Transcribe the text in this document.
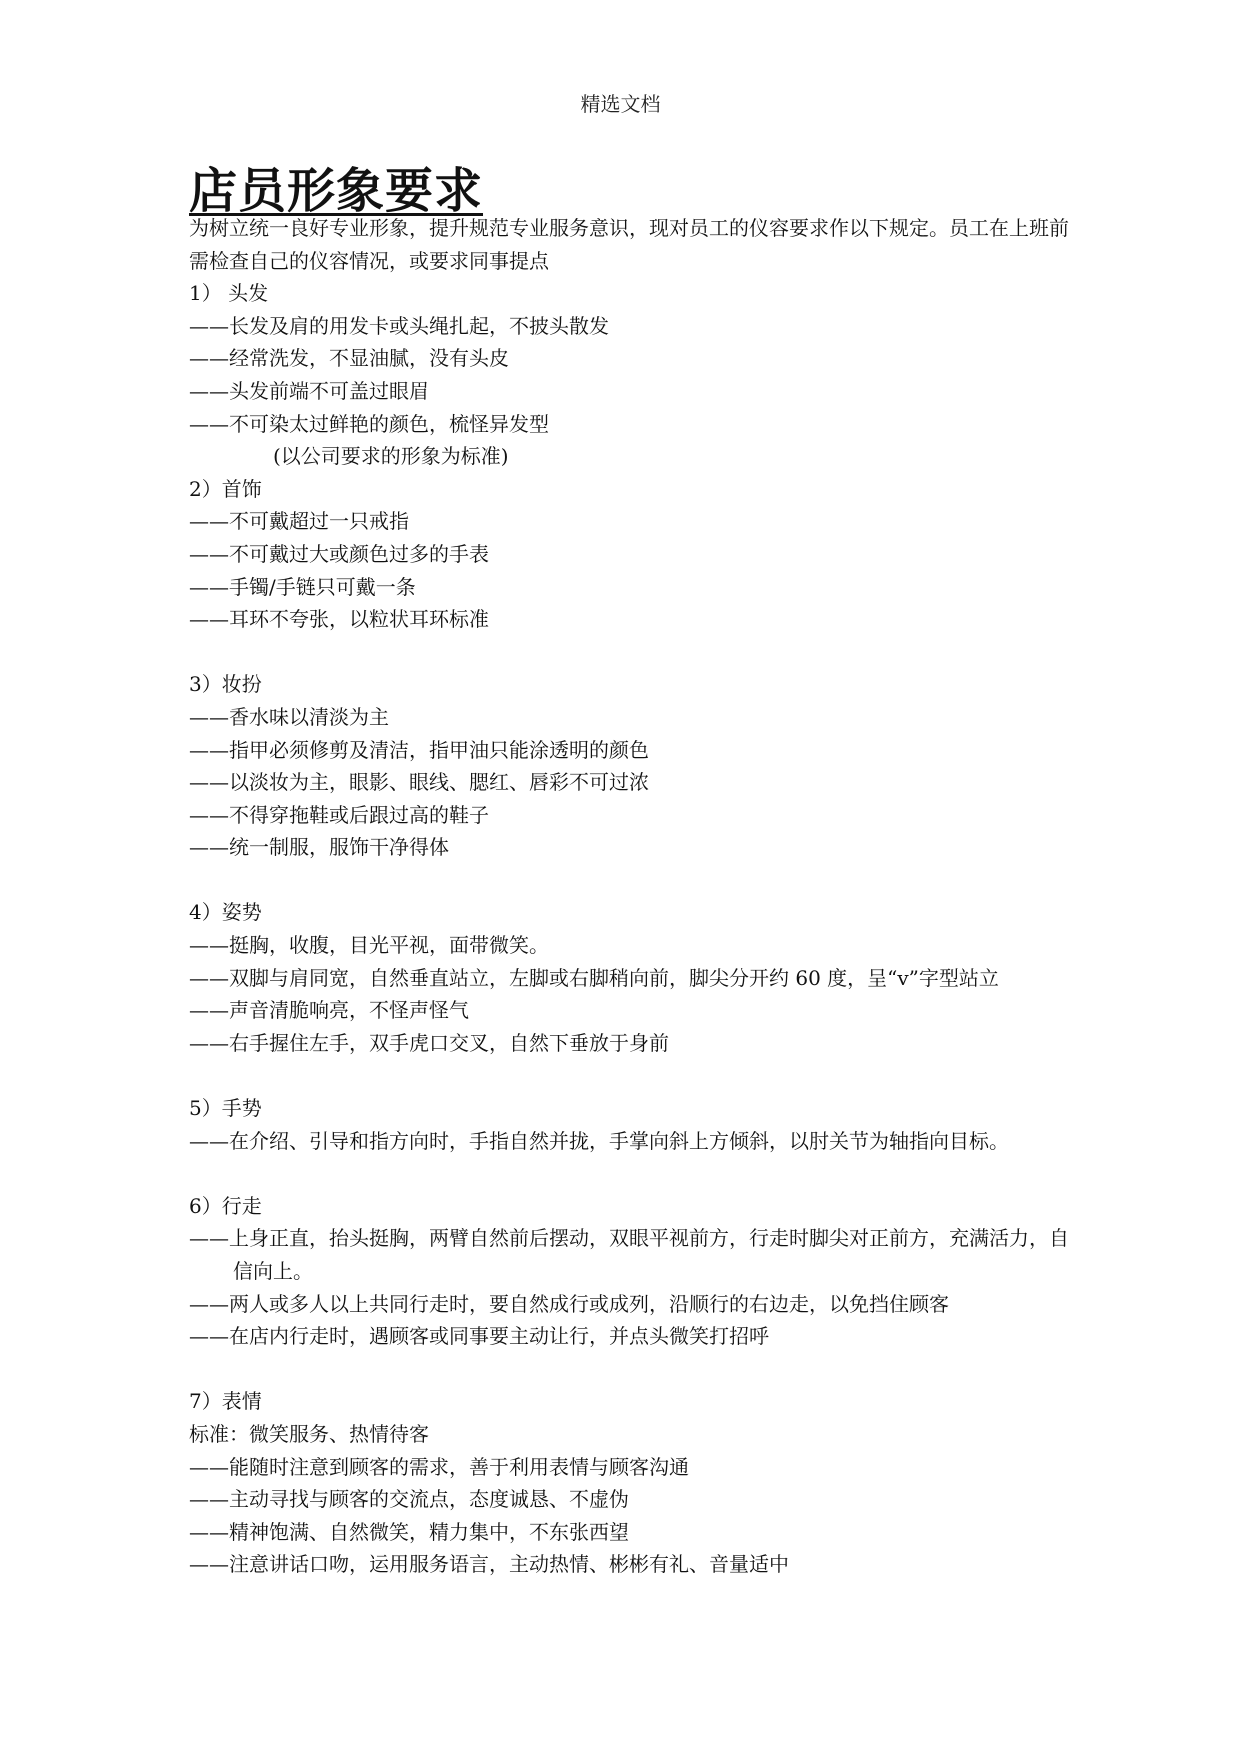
精选文档
店员形象要求
为树立统一良好专业形象，提升规范专业服务意识，现对员工的仪容要求作以下规定。员工在上班前需检查自己的仪容情况，或要求同事提点
1） 头发
—— 长发及肩的用发卡或头绳扎起，不披头散发
—— 经常洗发，不显油腻，没有头皮
—— 头发前端不可盖过眼眉
—— 不可染太过鲜艳的颜色，梳怪异发型
(以公司要求的形象为标准)
2）首饰
—— 不可戴超过一只戒指
—— 不可戴过大或颜色过多的手表
—— 手镯/手链只可戴一条
—— 耳环不夸张，以粒状耳环标准
3）妆扮
—— 香水味以清淡为主
—— 指甲必须修剪及清洁，指甲油只能涂透明的颜色
—— 以淡妆为主，眼影、眼线、腮红、唇彩不可过浓
—— 不得穿拖鞋或后跟过高的鞋子
—— 统一制服，服饰干净得体
4）姿势
—— 挺胸，收腹，目光平视，面带微笑。
—— 双脚与肩同宽，自然垂直站立，左脚或右脚稍向前，脚尖分开约 60 度，呈“v”字型站立
—— 声音清脆响亮，不怪声怪气
—— 右手握住左手，双手虎口交叉，自然下垂放于身前
5）手势
—— 在介绍、引导和指方向时，手指自然并拢，手掌向斜上方倾斜，以肘关节为轴指向目标。
6）行走
—— 上身正直，抬头挺胸，两臂自然前后摆动，双眼平视前方，行走时脚尖对正前方，充满活力，自信向上。
—— 两人或多人以上共同行走时，要自然成行或成列，沿顺行的右边走，以免挡住顾客
—— 在店内行走时，遇顾客或同事要主动让行，并点头微笑打招呼
7）表情
标准：微笑服务、热情待客
—— 能随时注意到顾客的需求，善于利用表情与顾客沟通
—— 主动寻找与顾客的交流点，态度诚恳、不虚伪
—— 精神饱满、自然微笑，精力集中，不东张西望
—— 注意讲话口吻，运用服务语言，主动热情、彬彬有礼、音量适中
